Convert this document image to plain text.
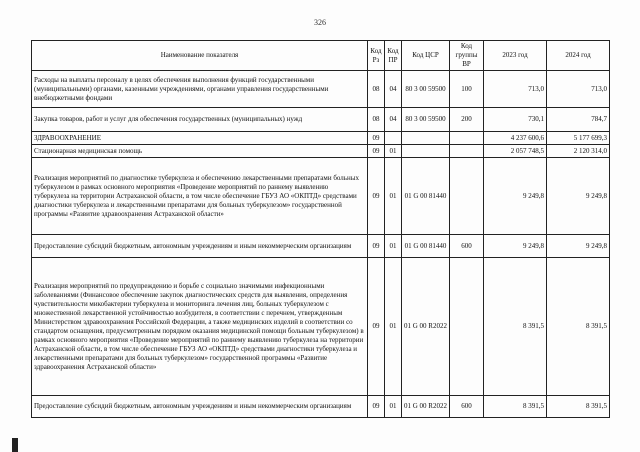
326
Наименование показателя	Код Рз	Код ПР	Код ЦСР	Код группы ВР	2023 год	2024 год
Расходы на выплаты персоналу в целях обеспечения выполнения функций государственными (муниципальными) органами, казенными учреждениями, органами управления государственными внебюджетными фондами	08	04	80 3 00 59500	100	713,0	713,0
Закупка товаров, работ и услуг для обеспечения государственных (муниципальных) нужд	08	04	80 3 00 59500	200	730,1	784,7
ЗДРАВООХРАНЕНИЕ	09				4 237 600,6	5 177 699,3
Стационарная медицинская помощь	09	01			2 057 748,5	2 120 314,0
Реализация мероприятий по диагностике туберкулеза и обеспечению лекарственными препаратами больных туберкулезом в рамках основного мероприятия «Проведение мероприятий по раннему выявлению туберкулеза на территории Астраханской области, в том числе обеспечение ГБУЗ АО «ОКПТД» средствами диагностики туберкулеза и лекарственными препаратами для больных туберкулезом» государственной программы «Развитие здравоохранения Астраханской области»	09	01	01 G 00 81440		9 249,8	9 249,8
Предоставление субсидий бюджетным, автономным учреждениям и иным некоммерческим организациям	09	01	01 G 00 81440	600	9 249,8	9 249,8
Реализация мероприятий по предупреждению и борьбе с социально значимыми инфекционными заболеваниями (Финансовое обеспечение закупок диагностических средств для выявления, определения чувствительности микобактерии туберкулеза и мониторинга лечения лиц, больных туберкулезом с множественной лекарственной устойчивостью возбудителя, в соответствии с перечнем, утвержденным Министерством здравоохранения Российской Федерации, а также медицинских изделий в соответствии со стандартом оснащения, предусмотренным порядком оказания медицинской помощи больным туберкулезом) в рамках основного мероприятия «Проведение мероприятий по раннему выявлению туберкулеза на территории Астраханской области, в том числе обеспечение ГБУЗ АО «ОКПТД» средствами диагностики туберкулеза и лекарственными препаратами для больных туберкулезом» государственной программы «Развитие здравоохранения Астраханской области»	09	01	01 G 00 R2022		8 391,5	8 391,5
Предоставление субсидий бюджетным, автономным учреждениям и иным некоммерческим организациям	09	01	01 G 00 R2022	600	8 391,5	8 391,5
